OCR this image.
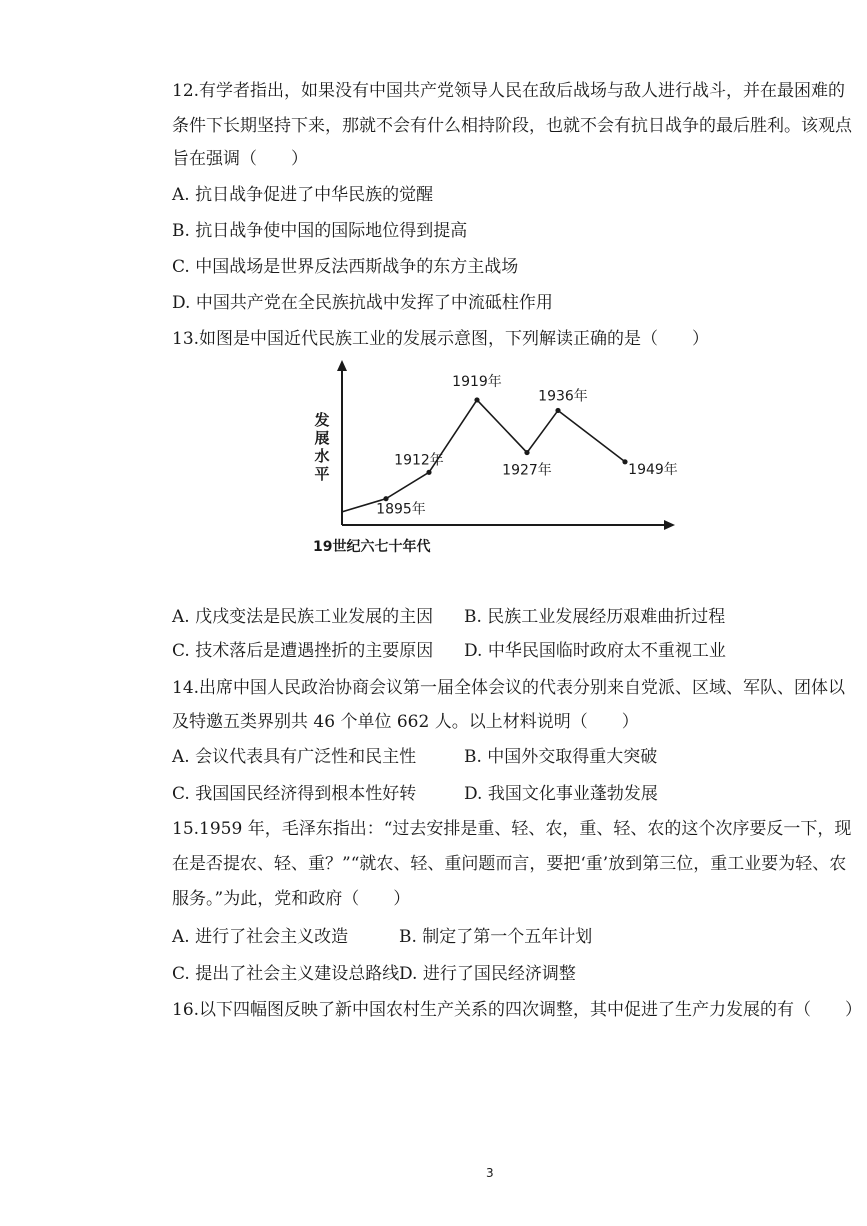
12.有学者指出，如果没有中国共产党领导人民在敌后战场与敌人进行战斗，并在最困难的
条件下长期坚持下来，那就不会有什么相持阶段，也就不会有抗日战争的最后胜利。该观点
旨在强调（　　）
A. 抗日战争促进了中华民族的觉醒
B. 抗日战争使中国的国际地位得到提高
C. 中国战场是世界反法西斯战争的东方主战场
D. 中国共产党在全民族抗战中发挥了中流砥柱作用
13.如图是中国近代民族工业的发展示意图，下列解读正确的是（　　）
发展水平
19世纪六七十年代
1895年
1912年
1919年
1927年
1936年
1949年
A. 戊戌变法是民族工业发展的主因 B. 民族工业发展经历艰难曲折过程
C. 技术落后是遭遇挫折的主要原因 D. 中华民国临时政府太不重视工业
14.出席中国人民政治协商会议第一届全体会议的代表分别来自党派、区域、军队、团体以
及特邀五类界别共 46 个单位 662 人。以上材料说明（　　）
A. 会议代表具有广泛性和民主性	B. 中国外交取得重大突破
C. 我国国民经济得到根本性好转	D. 我国文化事业蓬勃发展
15.1959 年，毛泽东指出：“过去安排是重、轻、农，重、轻、农的这个次序要反一下，现
在是否提农、轻、重？”“就农、轻、重问题而言，要把‘重’放到第三位，重工业要为轻、农
服务。”为此，党和政府（　　）
A. 进行了社会主义改造	B. 制定了第一个五年计划
C. 提出了社会主义建设总路线 D. 进行了国民经济调整
16.以下四幅图反映了新中国农村生产关系的四次调整，其中促进了生产力发展的有（　　）
3
